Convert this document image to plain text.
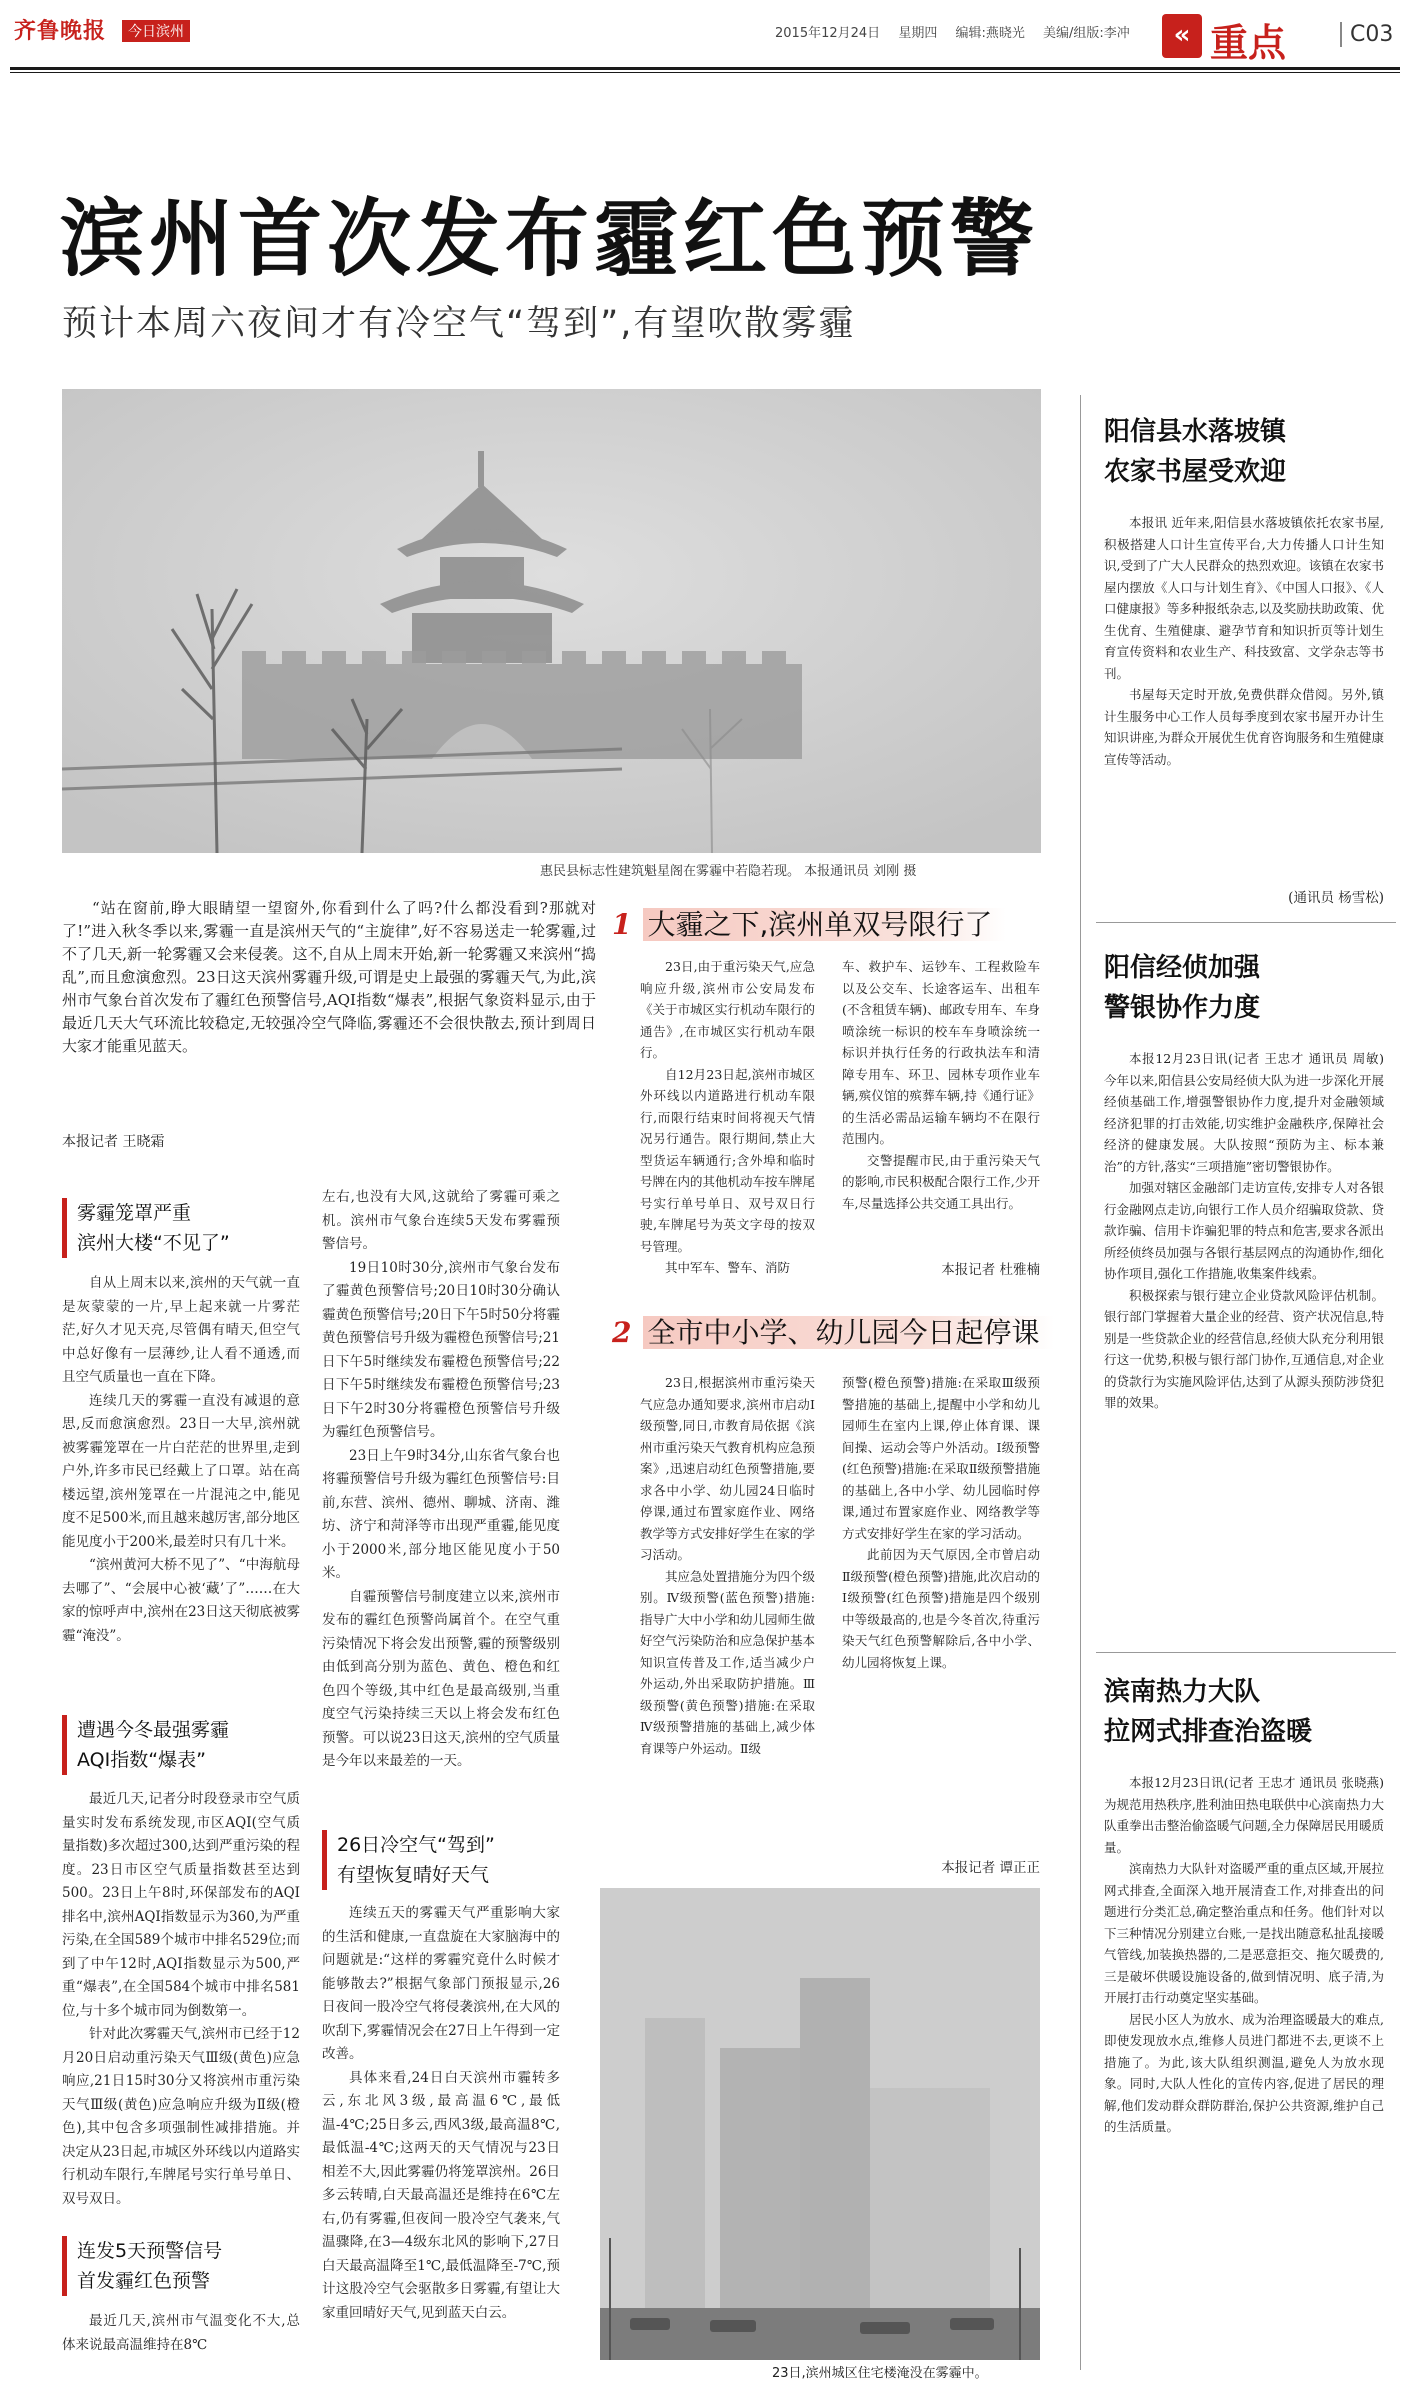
齐鲁晚报	今日滨州	2015年12月24日 星期四 编辑:燕晓光 美编/组版:李冲	« 重点	C03
滨州首次发布霾红色预警
预计本周六夜间才有冷空气“驾到”,有望吹散雾霾
惠民县标志性建筑魁星阁在雾霾中若隐若现。 本报通讯员 刘刚 摄
“站在窗前,睁大眼睛望一望窗外,你看到什么了吗?什么都没看到?那就对了!”进入秋冬季以来,雾霾一直是滨州天气的“主旋律”,好不容易送走一轮雾霾,过不了几天,新一轮雾霾又会来侵袭。这不,自从上周末开始,新一轮雾霾又来滨州“捣乱”,而且愈演愈烈。23日这天滨州雾霾升级,可谓是史上最强的雾霾天气,为此,滨州市气象台首次发布了霾红色预警信号,AQI指数“爆表”,根据气象资料显示,由于最近几天大气环流比较稳定,无较强冷空气降临,雾霾还不会很快散去,预计到周日大家才能重见蓝天。
本报记者 王晓霜
雾霾笼罩严重
滨州大楼“不见了”

自从上周末以来,滨州的天气就一直是灰蒙蒙的一片,早上起来就一片雾茫茫,好久才见天亮,尽管偶有晴天,但空气中总好像有一层薄纱,让人看不通透,而且空气质量也一直在下降。

连续几天的雾霾一直没有减退的意思,反而愈演愈烈。23日一大早,滨州就被雾霾笼罩在一片白茫茫的世界里,走到户外,许多市民已经戴上了口罩。站在高楼远望,滨州笼罩在一片混沌之中,能见度不足500米,而且越来越厉害,部分地区能见度小于200米,最差时只有几十米。

“滨州黄河大桥不见了”、“中海航母去哪了”、“会展中心被‘藏’了”……在大家的惊呼声中,滨州在23日这天彻底被雾霾“淹没”。

遭遇今冬最强雾霾
AQI指数“爆表”

最近几天,记者分时段登录市空气质量实时发布系统发现,市区AQI(空气质量指数)多次超过300,达到严重污染的程度。23日市区空气质量指数甚至达到500。23日上午8时,环保部发布的AQI排名中,滨州AQI指数显示为360,为严重污染,在全国589个城市中排名529位;而到了中午12时,AQI指数显示为500,严重“爆表”,在全国584个城市中排名581位,与十多个城市同为倒数第一。

针对此次雾霾天气,滨州市已经于12月20日启动重污染天气Ⅲ级(黄色)应急响应,21日15时30分又将滨州市重污染天气Ⅲ级(黄色)应急响应升级为Ⅱ级(橙色),其中包含多项强制性减排措施。并决定从23日起,市城区外环线以内道路实行机动车限行,车牌尾号实行单号单日、双号双日。

连发5天预警信号
首发霾红色预警

最近几天,滨州市气温变化不大,总体来说最高温维持在8℃

左右,也没有大风,这就给了雾霾可乘之机。滨州市气象台连续5天发布雾霾预警信号。

19日10时30分,滨州市气象台发布了霾黄色预警信号;20日10时30分确认霾黄色预警信号;20日下午5时50分将霾黄色预警信号升级为霾橙色预警信号;21日下午5时继续发布霾橙色预警信号;22日下午5时继续发布霾橙色预警信号;23日下午2时30分将霾橙色预警信号升级为霾红色预警信号。

23日上午9时34分,山东省气象台也将霾预警信号升级为霾红色预警信号:目前,东营、滨州、德州、聊城、济南、潍坊、济宁和菏泽等市出现严重霾,能见度小于2000米,部分地区能见度小于50米。

自霾预警信号制度建立以来,滨州市发布的霾红色预警尚属首个。在空气重污染情况下将会发出预警,霾的预警级别由低到高分别为蓝色、黄色、橙色和红色四个等级,其中红色是最高级别,当重度空气污染持续三天以上将会发布红色预警。可以说23日这天,滨州的空气质量是今年以来最差的一天。

26日冷空气“驾到”
有望恢复晴好天气

连续五天的雾霾天气严重影响大家的生活和健康,一直盘旋在大家脑海中的问题就是:“这样的雾霾究竟什么时候才能够散去?”根据气象部门预报显示,26日夜间一股冷空气将侵袭滨州,在大风的吹刮下,雾霾情况会在27日上午得到一定改善。

具体来看,24日白天滨州市霾转多云,东北风3级,最高温6℃,最低温-4℃;25日多云,西风3级,最高温8℃,最低温-4℃;这两天的天气情况与23日相差不大,因此雾霾仍将笼罩滨州。26日多云转晴,白天最高温还是维持在6℃左右,仍有雾霾,但夜间一股冷空气袭来,气温骤降,在3—4级东北风的影响下,27日白天最高温降至1℃,最低温降至-7℃,预计这股冷空气会驱散多日雾霾,有望让大家重回晴好天气,见到蓝天白云。

1 大霾之下,滨州单双号限行了

23日,由于重污染天气,应急响应升级,滨州市公安局发布《关于市城区实行机动车限行的通告》,在市城区实行机动车限行。

自12月23日起,滨州市城区外环线以内道路进行机动车限行,而限行结束时间将视天气情况另行通告。限行期间,禁止大型货运车辆通行;含外埠和临时号牌在内的其他机动车按车牌尾号实行单号单日、双号双日行驶,车牌尾号为英文字母的按双号管理。

其中军车、警车、消防

车、救护车、运钞车、工程救险车以及公交车、长途客运车、出租车(不含租赁车辆)、邮政专用车、车身喷涂统一标识的校车车身喷涂统一标识并执行任务的行政执法车和清障专用车、环卫、园林专项作业车辆,殡仪馆的殡葬车辆,持《通行证》的生活必需品运输车辆均不在限行范围内。

交警提醒市民,由于重污染天气的影响,市民积极配合限行工作,少开车,尽量选择公共交通工具出行。

本报记者 杜雅楠
2 全市中小学、幼儿园今日起停课

23日,根据滨州市重污染天气应急办通知要求,滨州市启动Ⅰ级预警,同日,市教育局依据《滨州市重污染天气教育机构应急预案》,迅速启动红色预警措施,要求各中小学、幼儿园24日临时停课,通过布置家庭作业、网络教学等方式安排好学生在家的学习活动。

其应急处置措施分为四个级别。Ⅳ级预警(蓝色预警)措施:指导广大中小学和幼儿园师生做好空气污染防治和应急保护基本知识宣传普及工作,适当减少户外运动,外出采取防护措施。Ⅲ级预警(黄色预警)措施:在采取Ⅳ级预警措施的基础上,减少体育课等户外运动。Ⅱ级

预警(橙色预警)措施:在采取Ⅲ级预警措施的基础上,提醒中小学和幼儿园师生在室内上课,停止体育课、课间操、运动会等户外活动。Ⅰ级预警(红色预警)措施:在采取Ⅱ级预警措施的基础上,各中小学、幼儿园临时停课,通过布置家庭作业、网络教学等方式安排好学生在家的学习活动。

此前因为天气原因,全市曾启动Ⅱ级预警(橙色预警)措施,此次启动的Ⅰ级预警(红色预警)措施是四个级别中等级最高的,也是今冬首次,待重污染天气红色预警解除后,各中小学、幼儿园将恢复上课。

本报记者 谭正正
23日,滨州城区住宅楼淹没在雾霾中。
阳信县水落坡镇
农家书屋受欢迎

本报讯 近年来,阳信县水落坡镇依托农家书屋,积极搭建人口计生宣传平台,大力传播人口计生知识,受到了广大人民群众的热烈欢迎。该镇在农家书屋内摆放《人口与计划生育》、《中国人口报》、《人口健康报》等多种报纸杂志,以及奖励扶助政策、优生优育、生殖健康、避孕节育和知识折页等计划生育宣传资料和农业生产、科技致富、文学杂志等书刊。

书屋每天定时开放,免费供群众借阅。另外,镇计生服务中心工作人员每季度到农家书屋开办计生知识讲座,为群众开展优生优育咨询服务和生殖健康宣传等活动。

(通讯员 杨雪松)
阳信经侦加强
警银协作力度

本报12月23日讯(记者 王忠才 通讯员 周敏) 今年以来,阳信县公安局经侦大队为进一步深化开展经侦基础工作,增强警银协作力度,提升对金融领域经济犯罪的打击效能,切实维护金融秩序,保障社会经济的健康发展。大队按照“预防为主、标本兼治”的方针,落实“三项措施”密切警银协作。

加强对辖区金融部门走访宣传,安排专人对各银行金融网点走访,向银行工作人员介绍骗取贷款、贷款诈骗、信用卡诈骗犯罪的特点和危害,要求各派出所经侦终员加强与各银行基层网点的沟通协作,细化协作项目,强化工作措施,收集案件线索。

积极探索与银行建立企业贷款风险评估机制。银行部门掌握着大量企业的经营、资产状况信息,特别是一些贷款企业的经营信息,经侦大队充分利用银行这一优势,积极与银行部门协作,互通信息,对企业的贷款行为实施风险评估,达到了从源头预防涉贷犯罪的效果。

滨南热力大队
拉网式排查治盗暖

本报12月23日讯(记者 王忠才 通讯员 张晓燕) 为规范用热秩序,胜利油田热电联供中心滨南热力大队重拳出击整治偷盗暖气问题,全力保障居民用暖质量。

滨南热力大队针对盗暖严重的重点区域,开展拉网式排查,全面深入地开展清查工作,对排查出的问题进行分类汇总,确定整治重点和任务。他们针对以下三种情况分别建立台账,一是找出随意私扯乱接暖气管线,加装换热器的,二是恶意拒交、拖欠暖费的,三是破坏供暖设施设备的,做到情况明、底子清,为开展打击行动奠定坚实基础。

居民小区人为放水、成为治理盗暖最大的难点,即使发现放水点,维修人员进门都进不去,更谈不上措施了。为此,该大队组织测温,避免人为放水现象。同时,大队人性化的宣传内容,促进了居民的理解,他们发动群众群防群治,保护公共资源,维护自己的生活质量。
